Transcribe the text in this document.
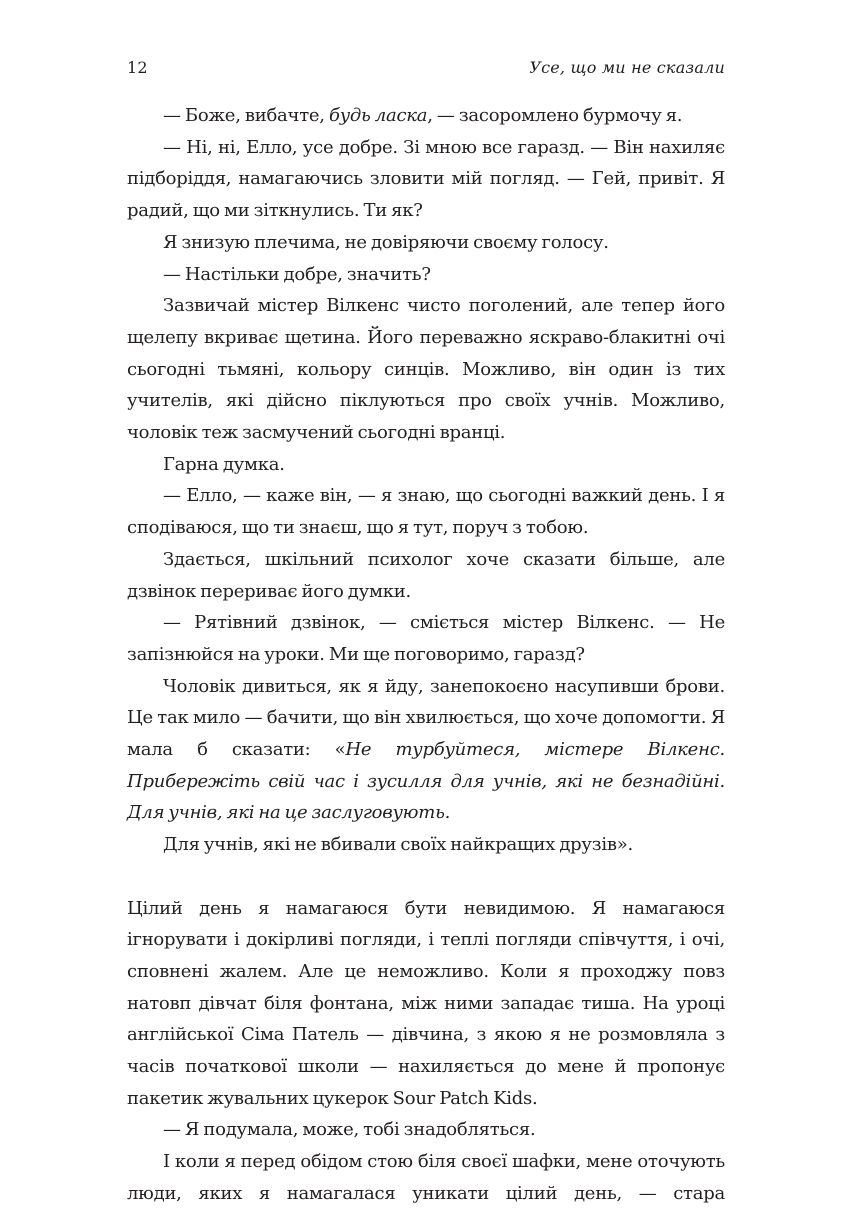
12	Усе, що ми не сказали

— Боже, вибачте, будь ласка, — засоромлено бурмочу я.

— Ні, ні, Елло, усе добре. Зі мною все гаразд. — Він нахиляє підборіддя, намагаючись зловити мій погляд. — Гей, привіт. Я радий, що ми зіткнулись. Ти як?

Я знизую плечима, не довіряючи своєму голосу.

— Настільки добре, значить?

Зазвичай містер Вілкенс чисто поголений, але тепер його щелепу вкриває щетина. Його переважно яскраво-блакитні очі сьогодні тьмяні, кольору синців. Можливо, він один із тих учителів, які дійсно піклуються про своїх учнів. Можливо, чоловік теж засмучений сьогодні вранці.

Гарна думка.

— Елло, — каже він, — я знаю, що сьогодні важкий день. І я сподіваюся, що ти знаєш, що я тут, поруч з тобою.

Здається, шкільний психолог хоче сказати більше, але дзвінок перериває його думки.

— Рятівний дзвінок, — сміється містер Вілкенс. — Не запізнюйся на уроки. Ми ще поговоримо, гаразд?

Чоловік дивиться, як я йду, занепокоєно насупивши брови. Це так мило — бачити, що він хвилюється, що хоче допомогти. Я мала б сказати: «Не турбуйтеся, містере Вілкенс. Прибережіть свій час і зусилля для учнів, які не безнадійні. Для учнів, які на це заслуговують.

Для учнів, які не вбивали своїх найкращих друзів».

Цілий день я намагаюся бути невидимою. Я намагаюся ігнорувати і докірливі погляди, і теплі погляди співчуття, і очі, сповнені жалем. Але це неможливо. Коли я проходжу повз натовп дівчат біля фонтана, між ними западає тиша. На уроці англійської Сіма Патель — дівчина, з якою я не розмовляла з часів початкової школи — нахиляється до мене й пропонує пакетик жувальних цукерок Sour Patch Kids.

— Я подумала, може, тобі знадобляться.

І коли я перед обідом стою біля своєї шафки, мене оточують люди, яких я намагалася уникати цілий день, — стара
